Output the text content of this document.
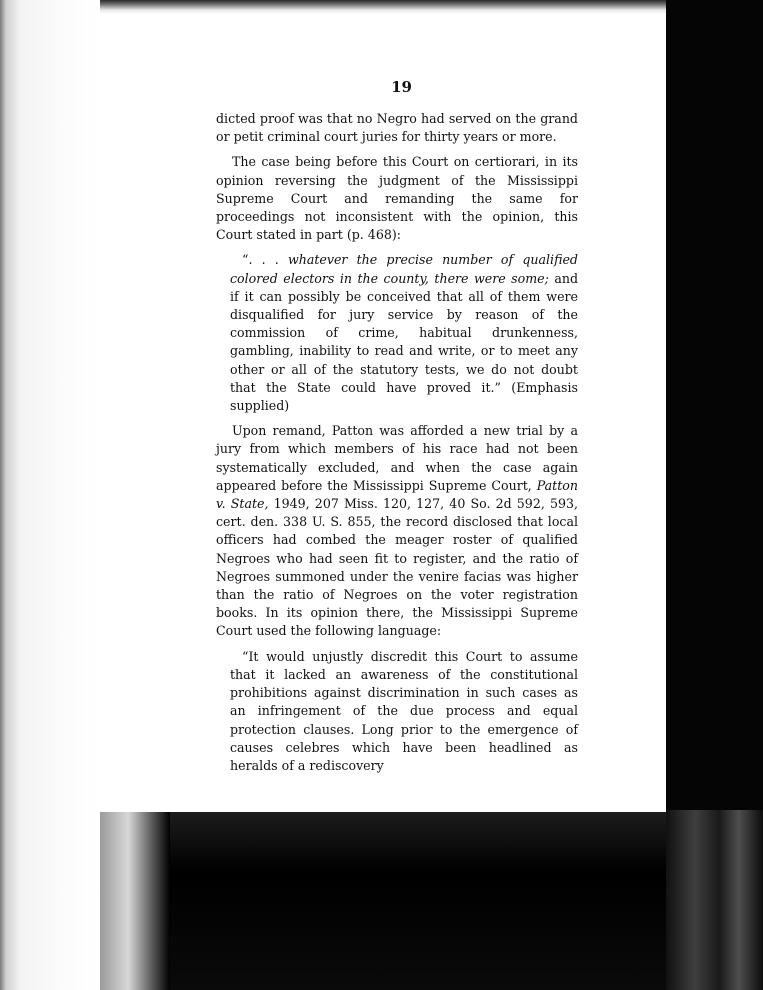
19

dicted proof was that no Negro had served on the grand or petit criminal court juries for thirty years or more.

The case being before this Court on certiorari, in its opinion reversing the judgment of the Mississippi Supreme Court and remanding the same for proceedings not inconsistent with the opinion, this Court stated in part (p. 468):

“. . . whatever the precise number of qualified colored electors in the county, there were some; and if it can possibly be conceived that all of them were disqualified for jury service by reason of the commission of crime, habitual drunkenness, gambling, inability to read and write, or to meet any other or all of the statutory tests, we do not doubt that the State could have proved it.” (Emphasis supplied)

Upon remand, Patton was afforded a new trial by a jury from which members of his race had not been systematically excluded, and when the case again appeared before the Mississippi Supreme Court, Patton v. State, 1949, 207 Miss. 120, 127, 40 So. 2d 592, 593, cert. den. 338 U. S. 855, the record disclosed that local officers had combed the meager roster of qualified Negroes who had seen fit to register, and the ratio of Negroes summoned under the venire facias was higher than the ratio of Negroes on the voter registration books. In its opinion there, the Mississippi Supreme Court used the following language:

“It would unjustly discredit this Court to assume that it lacked an awareness of the constitutional prohibitions against discrimination in such cases as an infringement of the due process and equal protection clauses. Long prior to the emergence of causes celebres which have been headlined as heralds of a rediscovery
